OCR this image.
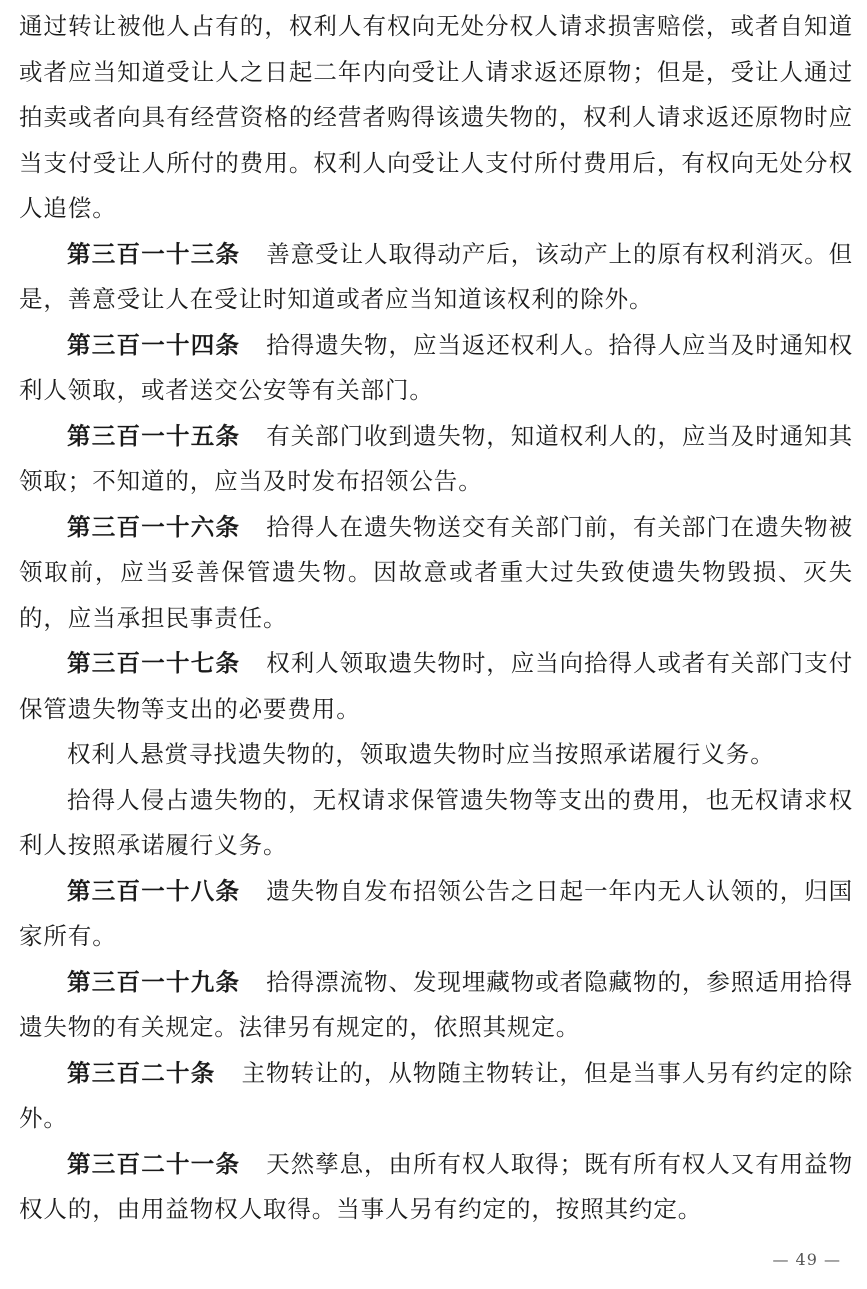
通过转让被他人占有的，权利人有权向无处分权人请求损害赔偿，或者自知道或者应当知道受让人之日起二年内向受让人请求返还原物；但是，受让人通过拍卖或者向具有经营资格的经营者购得该遗失物的，权利人请求返还原物时应当支付受让人所付的费用。权利人向受让人支付所付费用后，有权向无处分权人追偿。

第三百一十三条 善意受让人取得动产后，该动产上的原有权利消灭。但是，善意受让人在受让时知道或者应当知道该权利的除外。

第三百一十四条 拾得遗失物，应当返还权利人。拾得人应当及时通知权利人领取，或者送交公安等有关部门。

第三百一十五条 有关部门收到遗失物，知道权利人的，应当及时通知其领取；不知道的，应当及时发布招领公告。

第三百一十六条 拾得人在遗失物送交有关部门前，有关部门在遗失物被领取前，应当妥善保管遗失物。因故意或者重大过失致使遗失物毁损、灭失的，应当承担民事责任。

第三百一十七条 权利人领取遗失物时，应当向拾得人或者有关部门支付保管遗失物等支出的必要费用。

权利人悬赏寻找遗失物的，领取遗失物时应当按照承诺履行义务。

拾得人侵占遗失物的，无权请求保管遗失物等支出的费用，也无权请求权利人按照承诺履行义务。

第三百一十八条 遗失物自发布招领公告之日起一年内无人认领的，归国家所有。

第三百一十九条 拾得漂流物、发现埋藏物或者隐藏物的，参照适用拾得遗失物的有关规定。法律另有规定的，依照其规定。

第三百二十条 主物转让的，从物随主物转让，但是当事人另有约定的除外。

第三百二十一条 天然孳息，由所有权人取得；既有所有权人又有用益物权人的，由用益物权人取得。当事人另有约定的，按照其约定。

— 49 —
